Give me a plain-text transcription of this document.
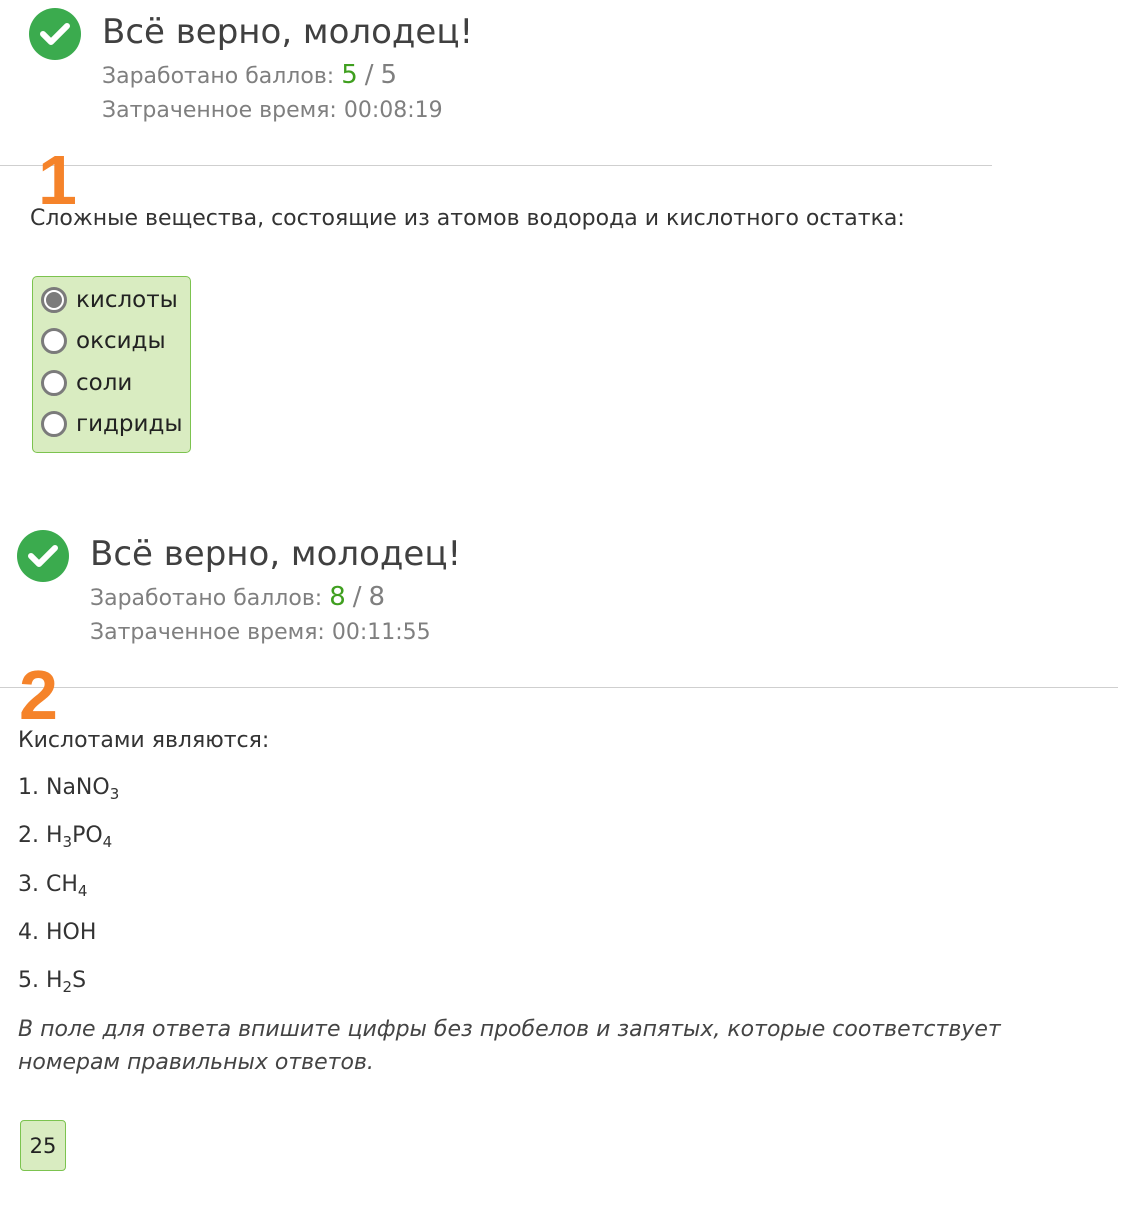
Всё верно, молодец!
Заработано баллов: 5 / 5
Затраченное время: 00:08:19
1
Сложные вещества, состоящие из атомов водорода и кислотного остатка:
кислоты
оксиды
соли
гидриды
Всё верно, молодец!
Заработано баллов: 8 / 8
Затраченное время: 00:11:55
2
Кислотами являются:
1. NaNO$_3$
2. $H_3PO_4$
3. $CH_4$
4. HOH
5. $H_2S$
В поле для ответа впишите цифры без пробелов и запятых, которые соответствует номерам правильных ответов.
25
